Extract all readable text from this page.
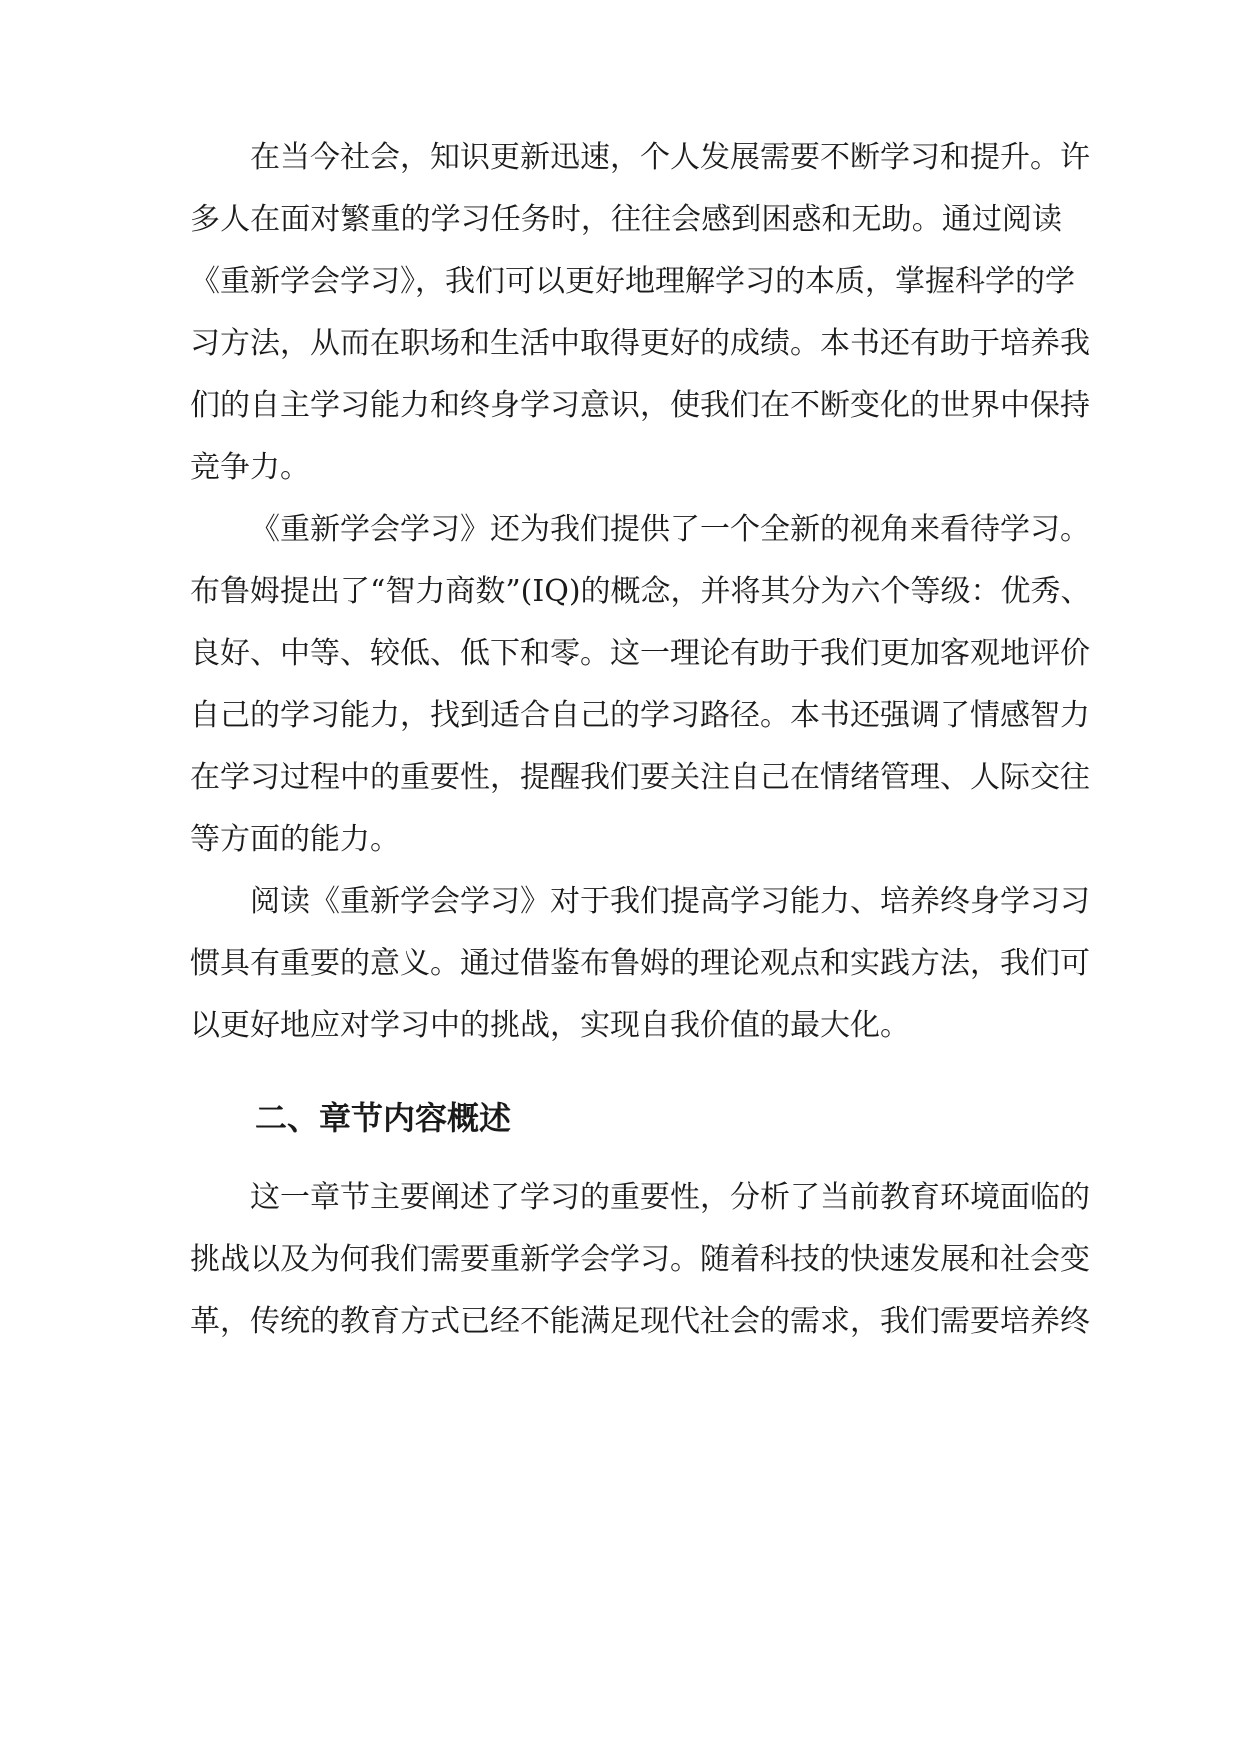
在当今社会，知识更新迅速，个人发展需要不断学习和提升。许
多人在面对繁重的学习任务时，往往会感到困惑和无助。通过阅读
《重新学会学习》，我们可以更好地理解学习的本质，掌握科学的学
习方法，从而在职场和生活中取得更好的成绩。本书还有助于培养我
们的自主学习能力和终身学习意识，使我们在不断变化的世界中保持
竞争力。
《重新学会学习》还为我们提供了一个全新的视角来看待学习。
布鲁姆提出了“智力商数”(IQ)的概念，并将其分为六个等级：优秀、
良好、中等、较低、低下和零。这一理论有助于我们更加客观地评价
自己的学习能力，找到适合自己的学习路径。本书还强调了情感智力
在学习过程中的重要性，提醒我们要关注自己在情绪管理、人际交往
等方面的能力。
阅读《重新学会学习》对于我们提高学习能力、培养终身学习习
惯具有重要的意义。通过借鉴布鲁姆的理论观点和实践方法，我们可
以更好地应对学习中的挑战，实现自我价值的最大化。
二、章节内容概述
这一章节主要阐述了学习的重要性，分析了当前教育环境面临的
挑战以及为何我们需要重新学会学习。随着科技的快速发展和社会变
革，传统的教育方式已经不能满足现代社会的需求，我们需要培养终
